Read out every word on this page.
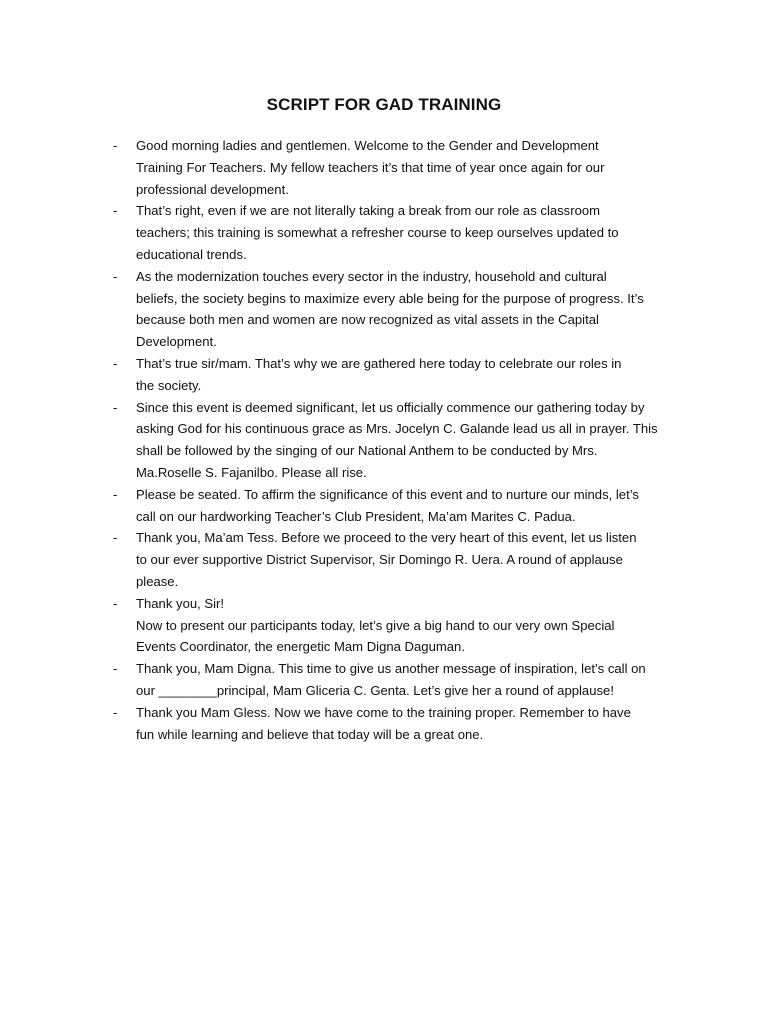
SCRIPT FOR GAD TRAINING
- Good morning ladies and gentlemen. Welcome to the Gender and Development
Training For Teachers. My fellow teachers it’s that time of year once again for our
professional development.
- That’s right, even if we are not literally taking a break from our role as classroom
teachers; this training is somewhat a refresher course to keep ourselves updated to
educational trends.
- As the modernization touches every sector in the industry, household and cultural
beliefs, the society begins to maximize every able being for the purpose of progress. It’s
because both men and women are now recognized as vital assets in the Capital
Development.
- That’s true sir/mam. That’s why we are gathered here today to celebrate our roles in
the society.
- Since this event is deemed significant, let us officially commence our gathering today by
asking God for his continuous grace as Mrs. Jocelyn C. Galande lead us all in prayer. This
shall be followed by the singing of our National Anthem to be conducted by Mrs.
Ma.Roselle S. Fajanilbo. Please all rise.
- Please be seated. To affirm the significance of this event and to nurture our minds, let’s
call on our hardworking Teacher’s Club President, Ma’am Marites C. Padua.
- Thank you, Ma’am Tess. Before we proceed to the very heart of this event, let us listen
to our ever supportive District Supervisor, Sir Domingo R. Uera. A round of applause
please.
- Thank you, Sir!
Now to present our participants today, let’s give a big hand to our very own Special
Events Coordinator, the energetic Mam Digna Daguman.
- Thank you, Mam Digna. This time to give us another message of inspiration, let’s call on
our ________principal, Mam Gliceria C. Genta. Let’s give her a round of applause!
- Thank you Mam Gless. Now we have come to the training proper. Remember to have
fun while learning and believe that today will be a great one.
